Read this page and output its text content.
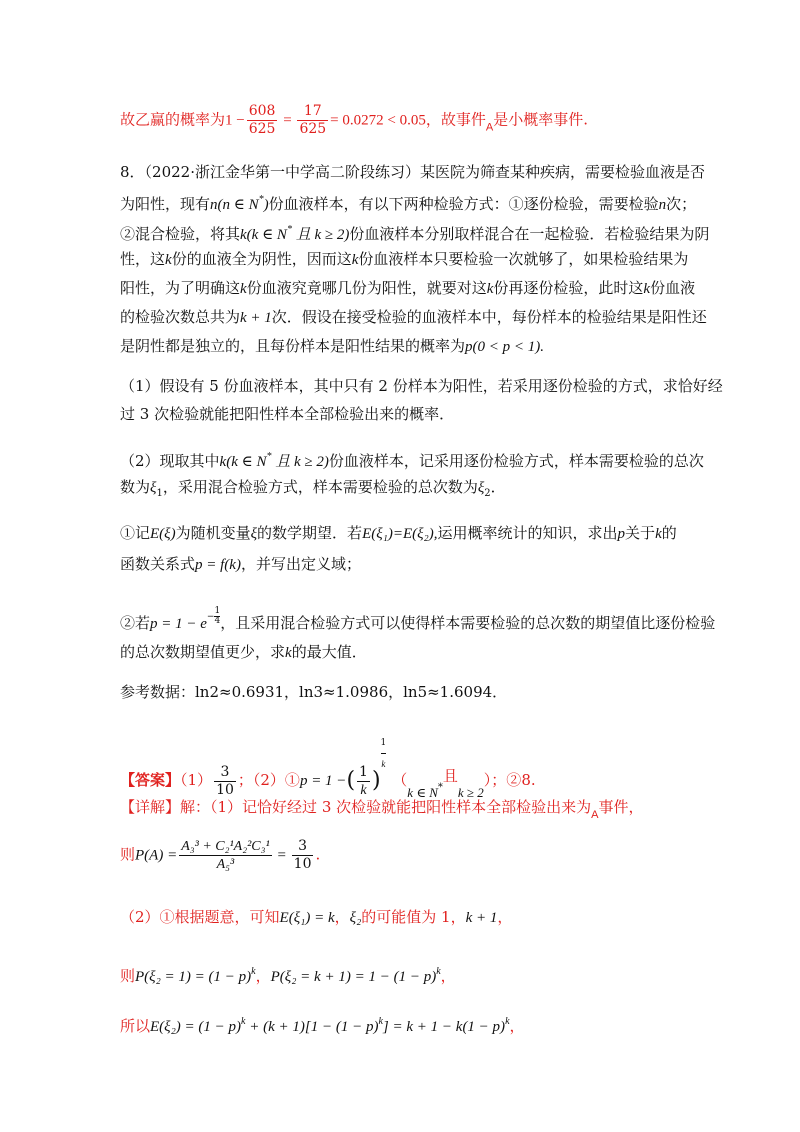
故乙赢的概率为$1 - \frac{608}{625} = \frac{17}{625} = 0.0272 < 0.05$，故事件$_A$是小概率事件.
8．（2022·浙江金华第一中学高二阶段练习）某医院为筛查某种疾病，需要检验血液是否
为阳性，现有n(n ∈ N*)份血液样本，有以下两种检验方式：①逐份检验，需要检验n次；
②混合检验，将其k(k ∈ N* 且 k ≥ 2)份血液样本分别取样混合在一起检验．若检验结果为阴
性，这k份的血液全为阴性，因而这k份血液样本只要检验一次就够了，如果检验结果为
阳性，为了明确这k份血液究竟哪几份为阳性，就要对这k份再逐份检验，此时这k份血液
的检验次数总共为k + 1次．假设在接受检验的血液样本中，每份样本的检验结果是阳性还
是阴性都是独立的，且每份样本是阳性结果的概率为p(0 < p < 1).
（1）假设有 5 份血液样本，其中只有 2 份样本为阳性，若采用逐份检验的方式，求恰好经
过 3 次检验就能把阳性样本全部检验出来的概率．
（2）现取其中k(k ∈ N* 且 k ≥ 2)份血液样本，记采用逐份检验方式，样本需要检验的总次
数为$\xi_1$，采用混合检验方式，样本需要检验的总次数为$\xi_2$．
①记E(ξ)为随机变量ξ的数学期望．若E(ξ₁)=E(ξ₂),运用概率统计的知识，求出p关于k的
函数关系式p = f(k)，并写出定义域；
②若$p = 1 - e- \frac{1}{4}$ ，且采用混合检验方式可以使得样本需要检验的总次数的期望值比逐份检验
的总次数期望值更少，求k的最大值．
参考数据：ln2≈0.6931，ln3≈1.0986，ln5≈1.6094．
【答案】$(1) \frac{3}{10}$ ；（2）①p = 1 −( $\frac{1}{k}$ )
$\frac{1}{k}$
（k ∈ N*且k ≥ 2）；②8.
【详解】解：（1）记恰好经过 3 次检验就能把阳性样本全部检验出来为$_A$事件，
则$P(A) = \frac{\text{A₃³ + C₂¹A₂²C₃¹}}{\text{A₅³}} = \frac{3}{10}$ .
（2）①根据题意，可知E(ξ₁) = k，ξ₂的可能值为 1，k + 1，
则$P(\xi_2 = 1) = (1 - p)^k$，$P(\xi_2 = k + 1) = 1 - (1 - p)^k$，
所以$E(\xi_2) = (1 - p)^k + (k + 1)[1 - (1 - p)^k] = k + 1 - k(1 - p)^k$，
